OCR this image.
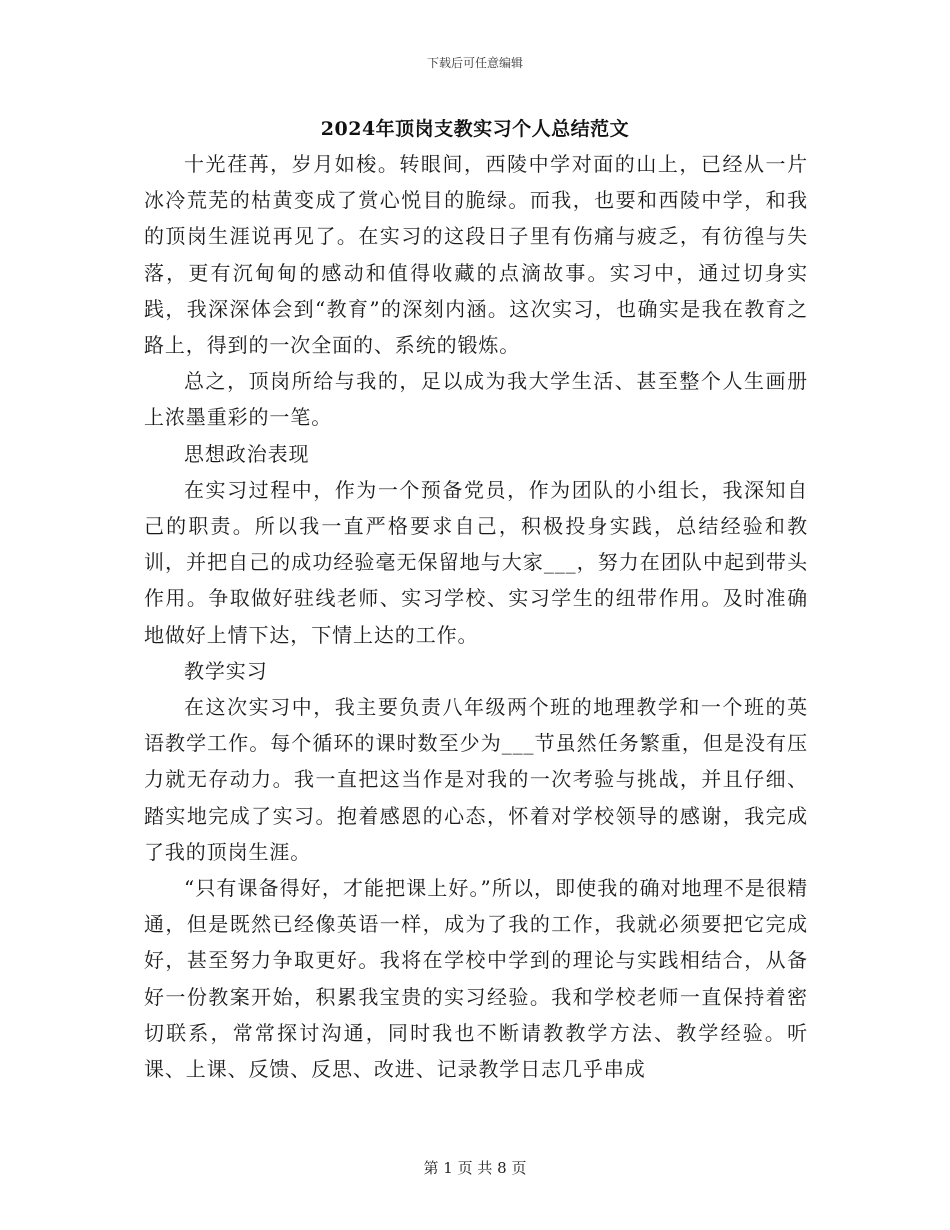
下载后可任意编辑
2024年顶岗支教实习个人总结范文

十光荏苒，岁月如梭。转眼间，西陵中学对面的山上，已经从一片冰冷荒芜的枯黄变成了赏心悦目的脆绿。而我，也要和西陵中学，和我的顶岗生涯说再见了。在实习的这段日子里有伤痛与疲乏，有彷徨与失落，更有沉甸甸的感动和值得收藏的点滴故事。实习中，通过切身实践，我深深体会到“教育”的深刻内涵。这次实习，也确实是我在教育之路上，得到的一次全面的、系统的锻炼。

总之，顶岗所给与我的，足以成为我大学生活、甚至整个人生画册上浓墨重彩的一笔。

思想政治表现

在实习过程中，作为一个预备党员，作为团队的小组长，我深知自己的职责。所以我一直严格要求自己，积极投身实践，总结经验和教训，并把自己的成功经验毫无保留地与大家___，努力在团队中起到带头作用。争取做好驻线老师、实习学校、实习学生的纽带作用。及时准确地做好上情下达，下情上达的工作。

教学实习

在这次实习中，我主要负责八年级两个班的地理教学和一个班的英语教学工作。每个循环的课时数至少为___节虽然任务繁重，但是没有压力就无存动力。我一直把这当作是对我的一次考验与挑战，并且仔细、踏实地完成了实习。抱着感恩的心态，怀着对学校领导的感谢，我完成了我的顶岗生涯。

“只有课备得好，才能把课上好。”所以，即使我的确对地理不是很精通，但是既然已经像英语一样，成为了我的工作，我就必须要把它完成好，甚至努力争取更好。我将在学校中学到的理论与实践相结合，从备好一份教案开始，积累我宝贵的实习经验。我和学校老师一直保持着密切联系，常常探讨沟通，同时我也不断请教教学方法、教学经验。听课、上课、反馈、反思、改进、记录教学日志几乎串成

第 1 页 共 8 页
